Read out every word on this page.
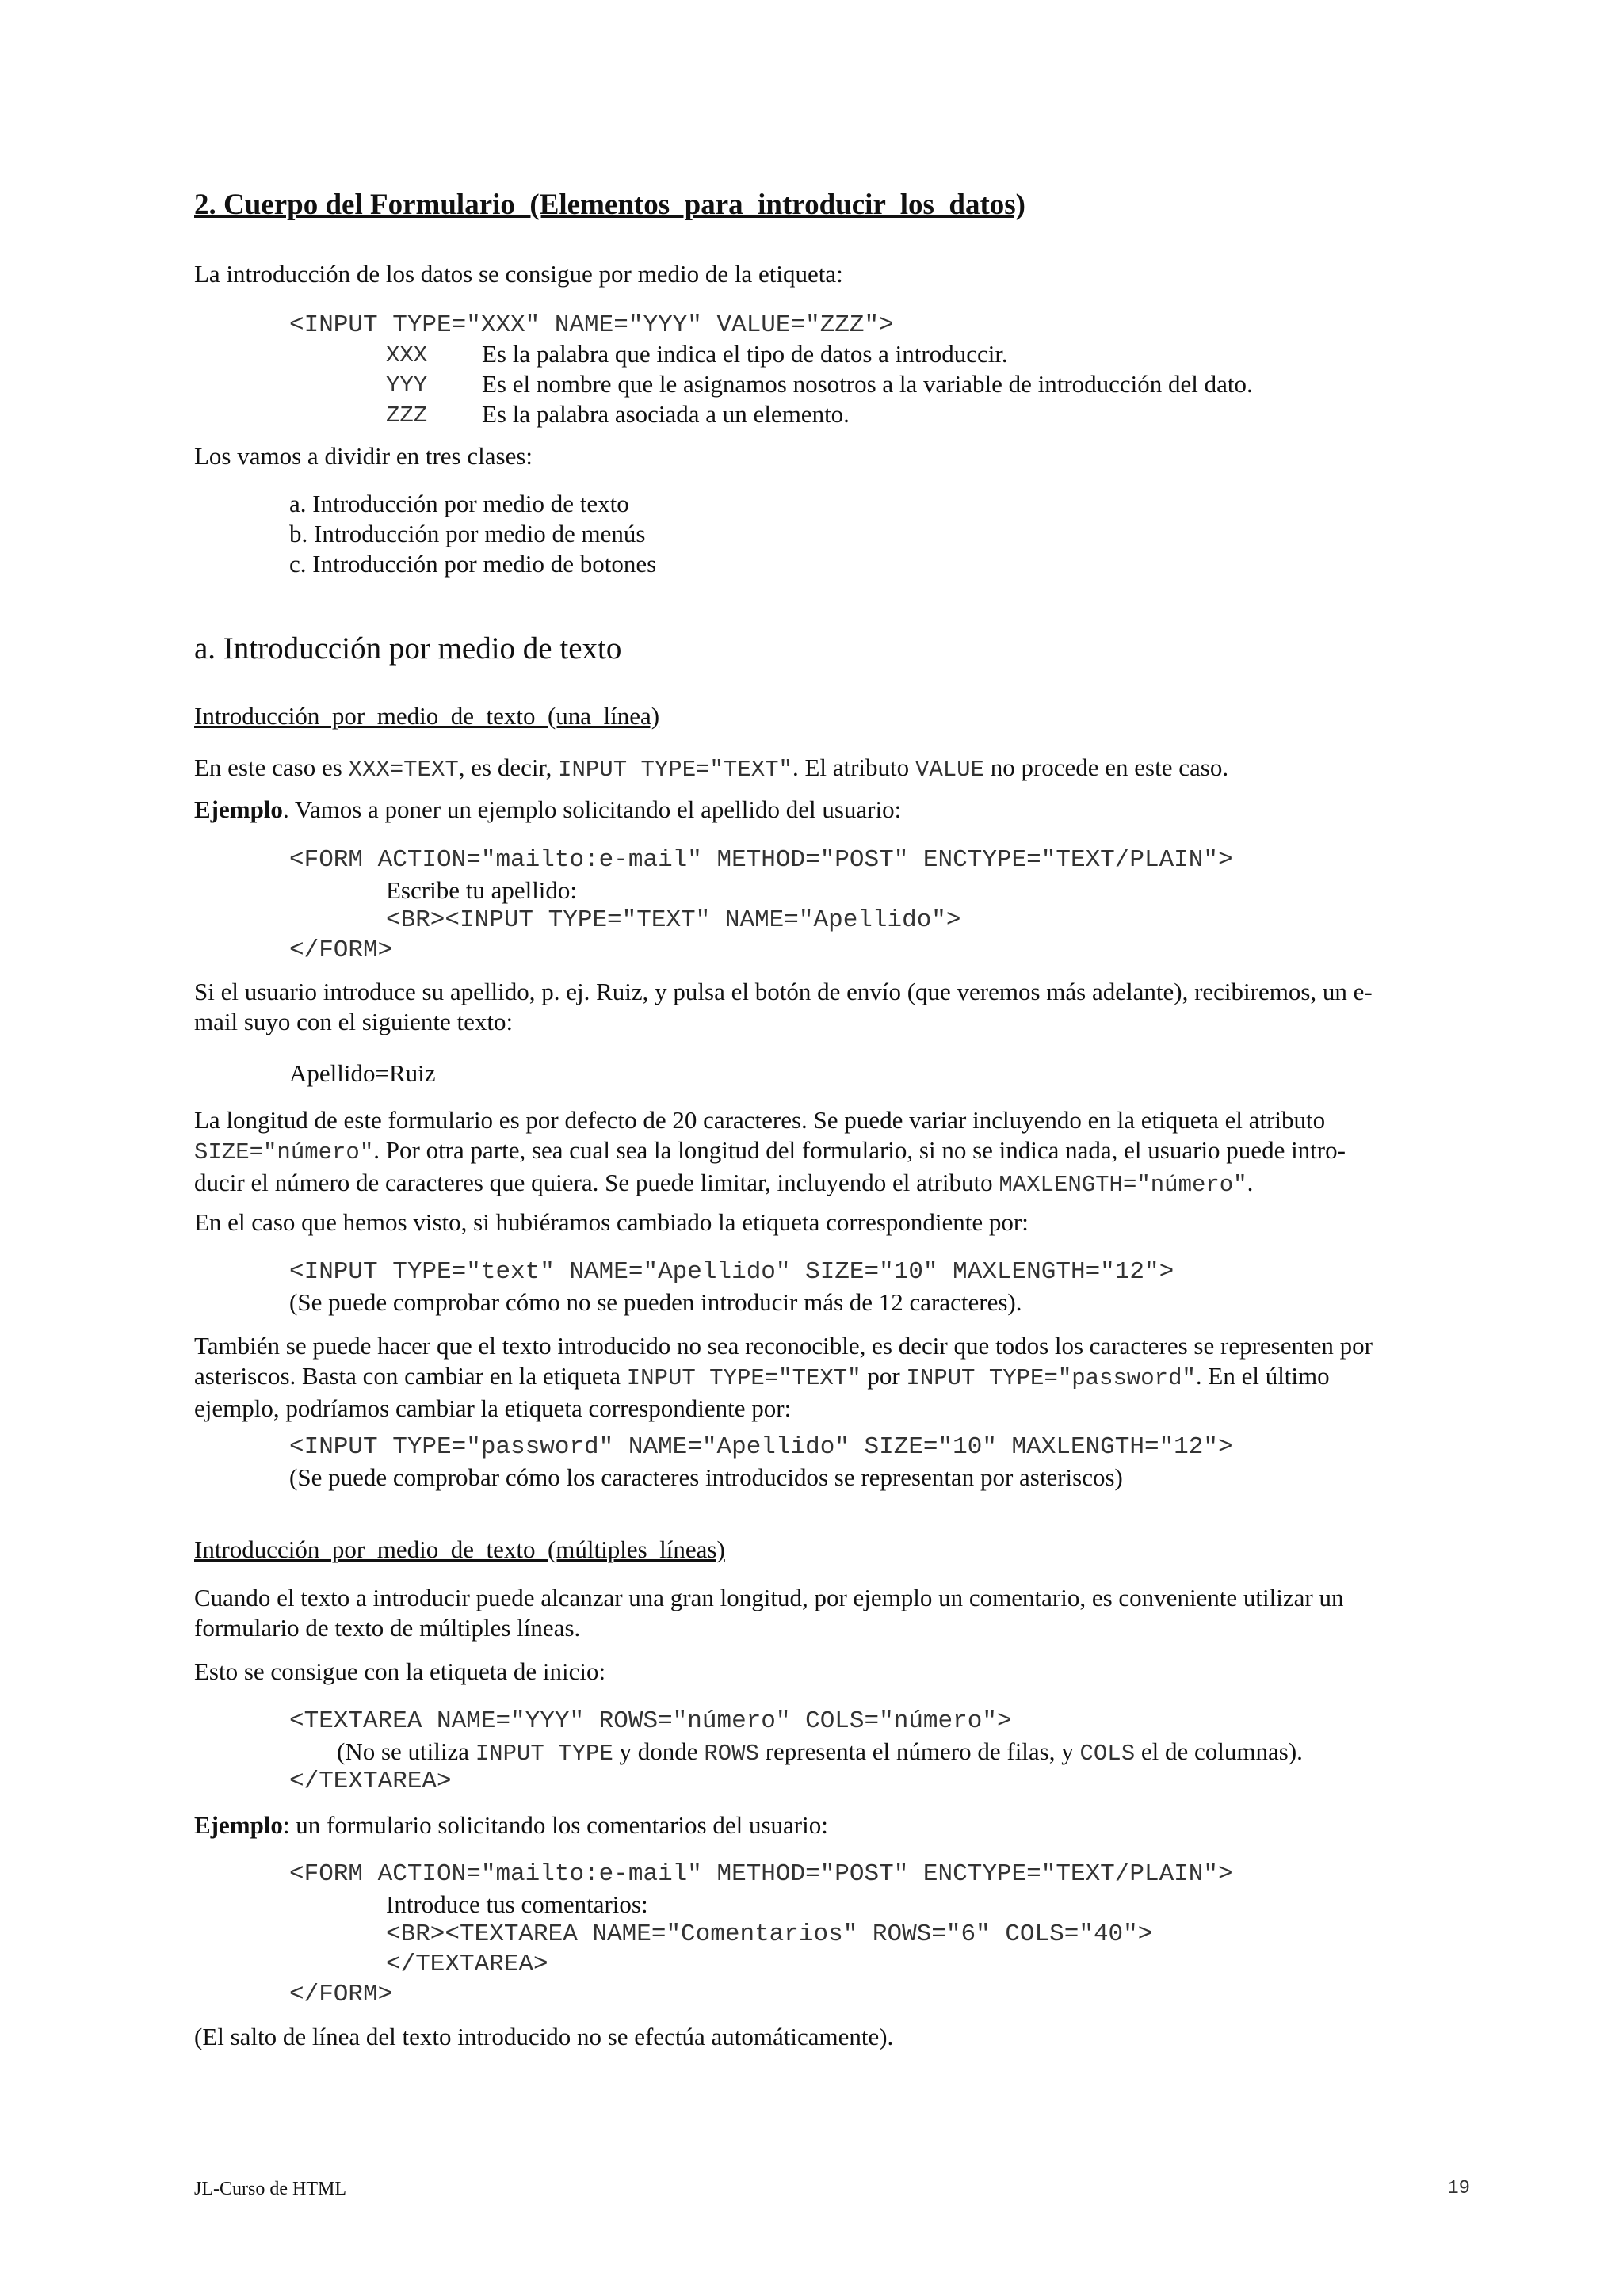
2. Cuerpo del Formulario  (Elementos  para  introducir  los  datos)
La introducción de los datos se consigue por medio de la etiqueta:
<INPUT TYPE="XXX" NAME="YYY" VALUE="ZZZ">
XXX	Es la palabra que indica el tipo de datos a introduccir.
YYY	Es el nombre que le asignamos nosotros a la variable de introducción del dato.
ZZZ	Es la palabra asociada a un elemento.
Los vamos a dividir en tres clases:
a. Introducción por medio de texto
b. Introducción por medio de menús
c. Introducción por medio de botones
a. Introducción por medio de texto
Introducción  por  medio  de  texto  (una  línea)
En este caso es XXX=TEXT, es decir, INPUT TYPE="TEXT". El atributo VALUE no procede en este caso.
Ejemplo. Vamos a poner un ejemplo solicitando el apellido del usuario:
<FORM ACTION="mailto:e-mail" METHOD="POST" ENCTYPE="TEXT/PLAIN">
Escribe tu apellido:
<BR><INPUT TYPE="TEXT" NAME="Apellido">
</FORM>
Si el usuario introduce su apellido, p. ej. Ruiz, y pulsa el botón de envío (que veremos más adelante), recibiremos, un e-
mail suyo con el siguiente texto:
Apellido=Ruiz
La longitud de este formulario es por defecto de 20 caracteres. Se puede variar incluyendo en la etiqueta el atributo
SIZE="número". Por otra parte, sea cual sea la longitud del formulario, si no se indica nada, el usuario puede intro-
ducir el número de caracteres que quiera. Se puede limitar, incluyendo el atributo MAXLENGTH="número".
En el caso que hemos visto, si hubiéramos cambiado la etiqueta correspondiente por:
<INPUT TYPE="text" NAME="Apellido" SIZE="10" MAXLENGTH="12">
(Se puede comprobar cómo no se pueden introducir más de 12 caracteres).
También se puede hacer que el texto introducido no sea reconocible, es decir que todos los caracteres se representen por
asteriscos. Basta con cambiar en la etiqueta INPUT TYPE="TEXT" por INPUT TYPE="password". En el último
ejemplo, podríamos cambiar la etiqueta correspondiente por:
<INPUT TYPE="password" NAME="Apellido" SIZE="10" MAXLENGTH="12">
(Se puede comprobar cómo los caracteres introducidos se representan por asteriscos)
Introducción  por  medio  de  texto  (múltiples  líneas)
Cuando el texto a introducir puede alcanzar una gran longitud, por ejemplo un comentario, es conveniente utilizar un
formulario de texto de múltiples líneas.
Esto se consigue con la etiqueta de inicio:
<TEXTAREA NAME="YYY" ROWS="número" COLS="número">
(No se utiliza INPUT TYPE y donde ROWS representa el número de filas, y COLS el de columnas).
</TEXTAREA>
Ejemplo: un formulario solicitando los comentarios del usuario:
<FORM ACTION="mailto:e-mail" METHOD="POST" ENCTYPE="TEXT/PLAIN">
Introduce tus comentarios:
<BR><TEXTAREA NAME="Comentarios" ROWS="6" COLS="40">
</TEXTAREA>
</FORM>
(El salto de línea del texto introducido no se efectúa automáticamente).
JL-Curso de HTML	19
